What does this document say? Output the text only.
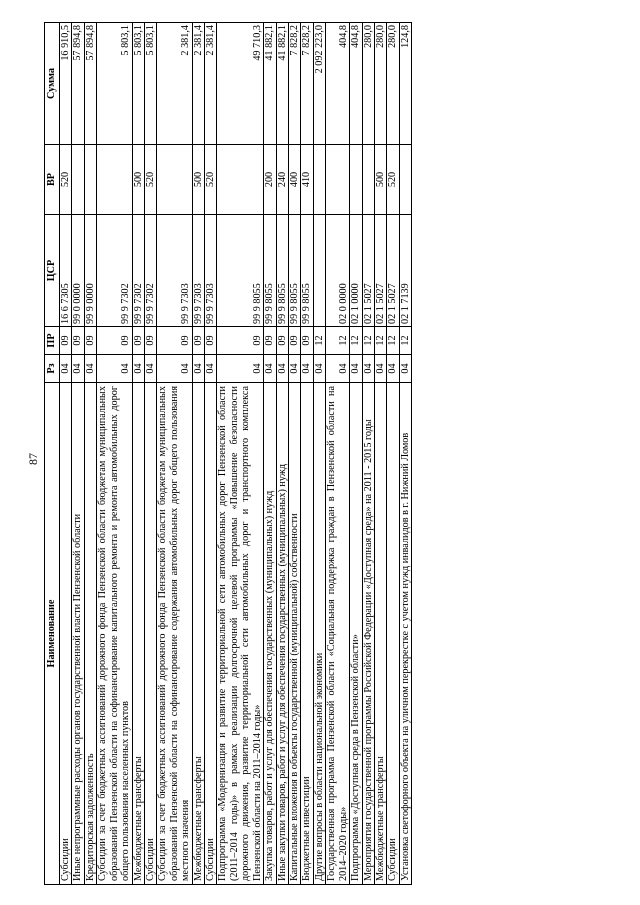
87
Наименование	Рз	ПР	ЦСР	ВР	Сумма
Субсидии	04	09	16 6 7305	520	16 910,5
Иные непрограммные расходы органов государственной власти Пензенской области	04	09	99 0 0000		57 894,8
Кредиторская задолженность	04	09	99 9 0000		57 894,8
Субсидии за счет бюджетных ассигнований дорожного фонда Пензенской области бюджетам муниципальных образований Пензенской области на софинансирование капитального ремонта и ремонта автомобильных дорог общего пользования населенных пунктов	04	09	99 9 7302		5 803,1
Межбюджетные трансферты	04	09	99 9 7302	500	5 803,1
Субсидии	04	09	99 9 7302	520	5 803,1
Субсидии за счет бюджетных ассигнований дорожного фонда Пензенской области бюджетам муниципальных образований Пензенской области на софинансирование содержания автомобильных дорог общего пользования местного значения	04	09	99 9 7303		2 381,4
Межбюджетные трансферты	04	09	99 9 7303	500	2 381,4
Субсидии	04	09	99 9 7303	520	2 381,4
Подпрограмма «Модернизация и развитие территориальной сети автомобильных дорог Пензенской области (2011–2014 годы)» в рамках реализации долгосрочной целевой программы «Повышение безопасности дорожного движения, развитие территориальной сети автомобильных дорог и транспортного комплекса Пензенской области на 2011–2014 годы»	04	09	99 9 8055		49 710,3
Закупка товаров, работ и услуг для обеспечения государственных (муниципальных) нужд	04	09	99 9 8055	200	41 882,1
Иные закупки товаров, работ и услуг для обеспечения государственных (муниципальных) нужд	04	09	99 9 8055	240	41 882,1
Капитальные вложения в объекты государственной (муниципальной) собственности	04	09	99 9 8055	400	7 828,2
Бюджетные инвестиции	04	09	99 9 8055	410	7 828,2
Другие вопросы в области национальной экономики	04	12			2 092 223,0
Государственная программа Пензенской области «Социальная поддержка граждан в Пензенской области на 2014–2020 годы»	04	12	02 0 0000		404,8
Подпрограмма «Доступная среда в Пензенской области»	04	12	02 1 0000		404,8
Мероприятия государственной программы Российской Федерации «Доступная среда» на 2011 - 2015 годы	04	12	02 1 5027		280,0
Межбюджетные трансферты	04	12	02 1 5027	500	280,0
Субсидии	04	12	02 1 5027	520	280,0
Установка светофорного объекта на уличном перекрестке с учетом нужд инвалидов в г. Нижний Ломов	04	12	02 1 7139		124,8
